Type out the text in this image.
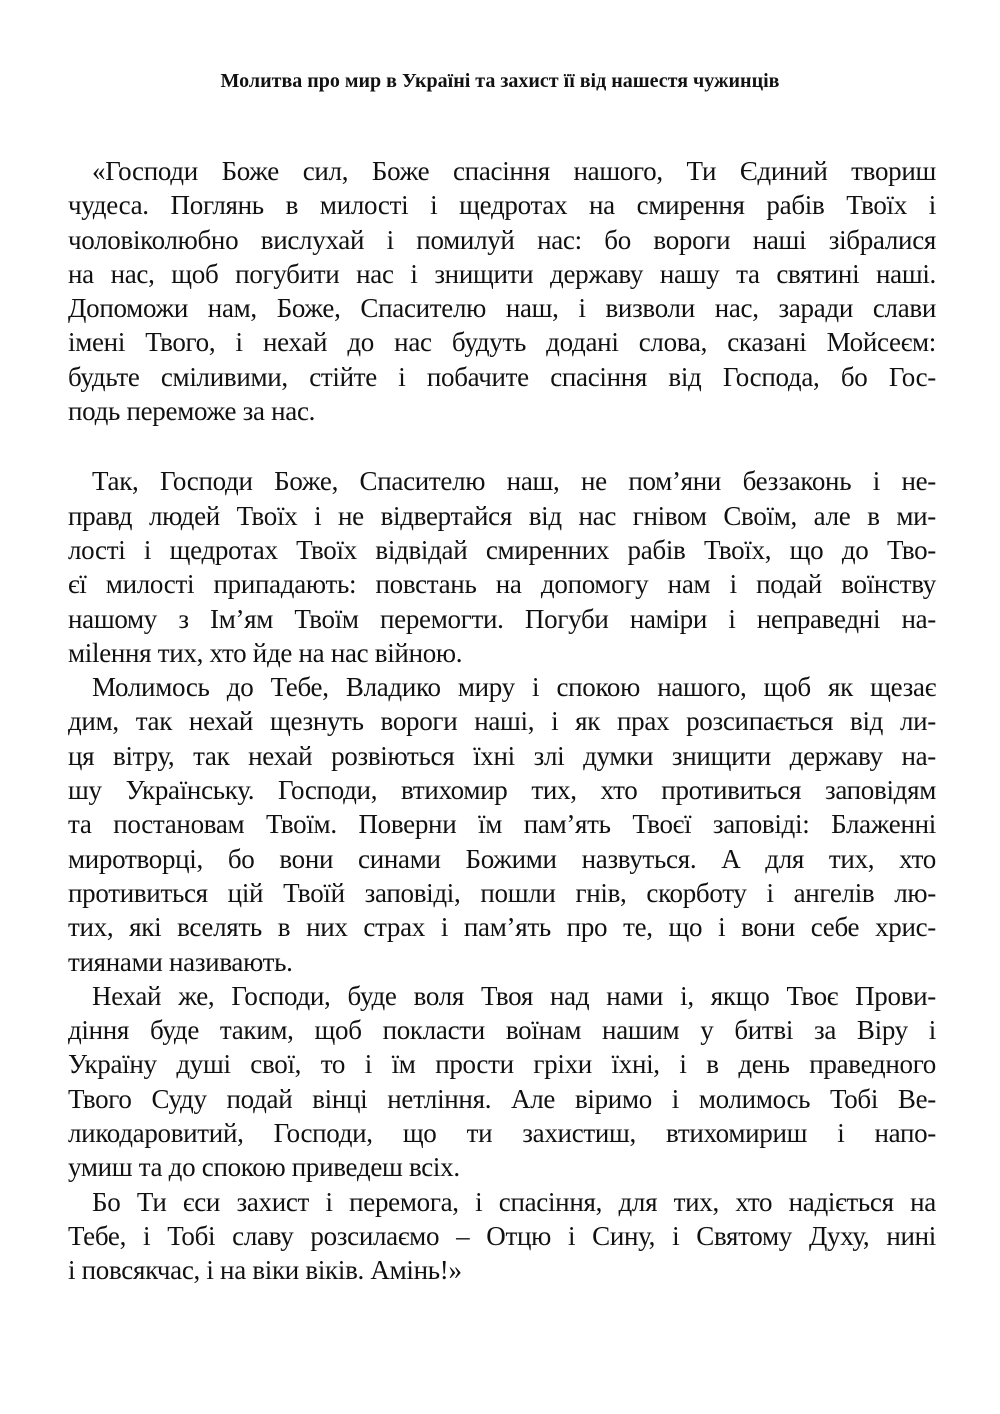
Молитва про мир в Україні та захист її від нашестя чужинців
«Господи Боже сил, Боже спасіння нашого, Ти Єдиний твориш
чудеса. Поглянь в милості і щедротах на смирення рабів Твоїх і
чоловіколюбно вислухай і помилуй нас: бо вороги наші зібралися
на нас, щоб погубити нас і знищити державу нашу та святині наші.
Допоможи нам, Боже, Спасителю наш, і визволи нас, заради слави
імені Твого, і нехай до нас будуть додані слова, сказані Мойсеєм:
будьте сміливими, стійте і побачите спасіння від Господа, бо Гос-
подь переможе за нас.
Так, Господи Боже, Спасителю наш, не пом’яни беззаконь і не-
правд людей Твоїх і не відвертайся від нас гнівом Своїм, але в ми-
лості і щедротах Твоїх відвідай смиренних рабів Твоїх, що до Тво-
єї милості припадають: повстань на допомогу нам і подай воїнству
нашому з Ім’ям Твоїм перемогти. Погуби наміри і неправедні на-
міlення тих, хто йде на нас війною.
Молимось до Тебе, Владико миру і спокою нашого, щоб як щезає
дим, так нехай щезнуть вороги наші, і як прах розсипається від ли-
ця вітру, так нехай розвіються їхні злі думки знищити державу на-
шу Українську. Господи, втихомир тих, хто противиться заповідям
та постановам Твоїм. Поверни їм пам’ять Твоєї заповіді: Блаженні
миротворці, бо вони синами Божими назвуться. А для тих, хто
противиться цій Твоїй заповіді, пошли гнів, скорботу і ангелів лю-
тих, які вселять в них страх і пам’ять про те, що і вони себе хрис-
тиянами називають.
Нехай же, Господи, буде воля Твоя над нами і, якщо Твоє Прови-
діння буде таким, щоб покласти воїнам нашим у битві за Віру і
Україну душі свої, то і їм прости гріхи їхні, і в день праведного
Твого Суду подай вінці нетління. Але віримо і молимось Тобі Ве-
ликодаровитий, Господи, що ти захистиш, втихомириш і напо-
умиш та до спокою приведеш всіх.
Бо Ти єси захист і перемога, і спасіння, для тих, хто надіється на
Тебе, і Тобі славу розсилаємо – Отцю і Сину, і Святому Духу, нині
і повсякчас, і на віки віків. Амінь!»
